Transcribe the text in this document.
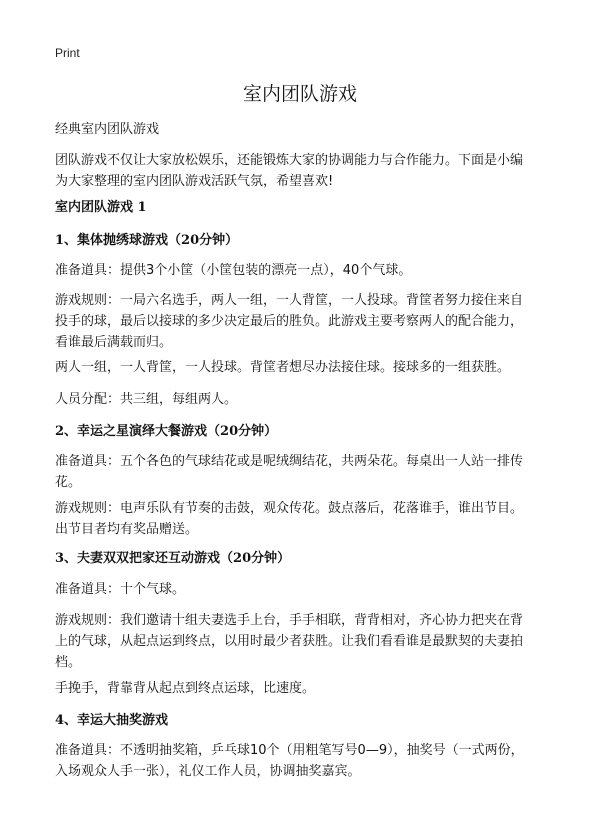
Print
室内团队游戏

经典室内团队游戏

团队游戏不仅让大家放松娱乐，还能锻炼大家的协调能力与合作能力。下面是小编
为大家整理的室内团队游戏活跃气氛，希望喜欢!

室内团队游戏 1

1、集体抛绣球游戏（20分钟）

准备道具：提供3个小筐（小筐包装的漂亮一点），40个气球。
游戏规则：一局六名选手，两人一组，一人背筐，一人投球。背筐者努力接住来自
投手的球，最后以接球的多少决定最后的胜负。此游戏主要考察两人的配合能力，
看谁最后满载而归。
两人一组，一人背筐，一人投球。背筐者想尽办法接住球。接球多的一组获胜。
人员分配：共三组，每组两人。

2、幸运之星演绎大餐游戏（20分钟）

准备道具：五个各色的气球结花或是呢绒绸结花，共两朵花。每桌出一人站一排传
花。
游戏规则：电声乐队有节奏的击鼓，观众传花。鼓点落后，花落谁手，谁出节目。
出节目者均有奖品赠送。

3、夫妻双双把家还互动游戏（20分钟）

准备道具：十个气球。
游戏规则：我们邀请十组夫妻选手上台，手手相联，背背相对，齐心协力把夹在背
上的气球，从起点运到终点，以用时最少者获胜。让我们看看谁是最默契的夫妻拍
档。
手挽手，背靠背从起点到终点运球，比速度。

4、幸运大抽奖游戏

准备道具：不透明抽奖箱，乒乓球10个（用粗笔写号0—9），抽奖号（一式两份，
入场观众人手一张），礼仪工作人员，协调抽奖嘉宾。
